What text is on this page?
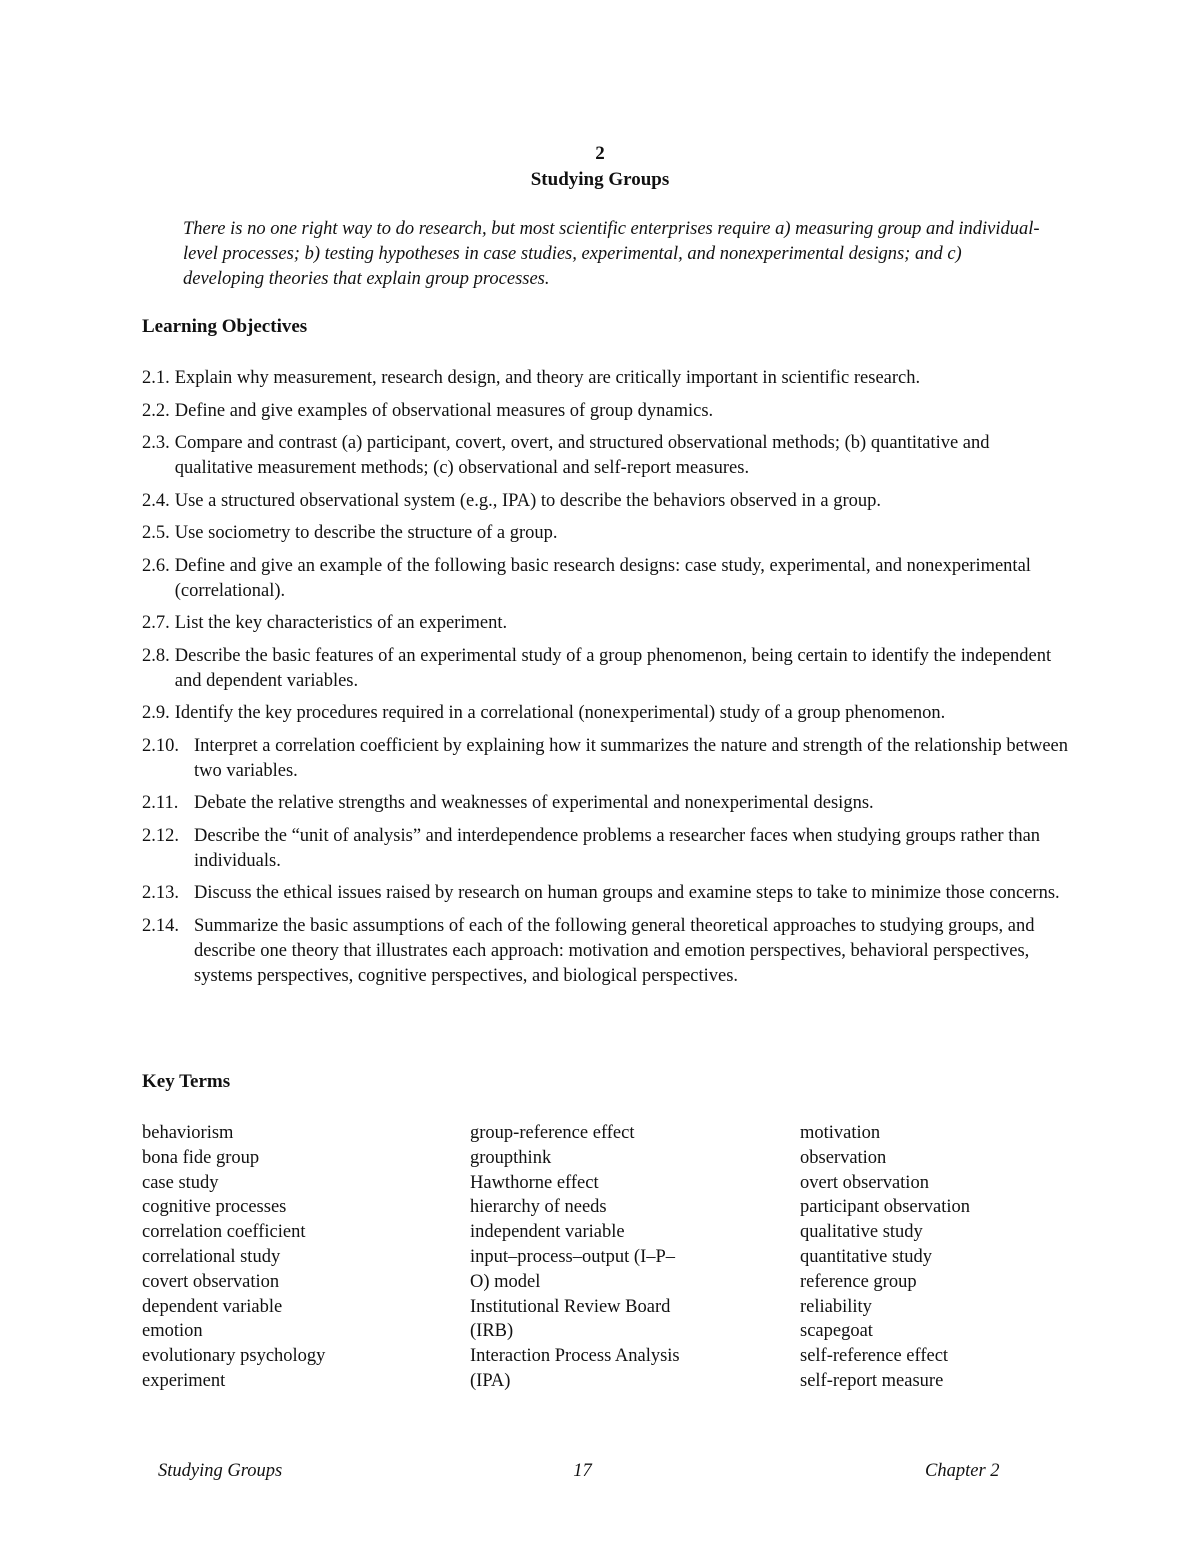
2
Studying Groups
There is no one right way to do research, but most scientific enterprises require a) measuring group and individual-level processes; b) testing hypotheses in case studies, experimental, and nonexperimental designs; and c) developing theories that explain group processes.
Learning Objectives
2.1. Explain why measurement, research design, and theory are critically important in scientific research.
2.2. Define and give examples of observational measures of group dynamics.
2.3. Compare and contrast (a) participant, covert, overt, and structured observational methods; (b) quantitative and qualitative measurement methods; (c) observational and self-report measures.
2.4. Use a structured observational system (e.g., IPA) to describe the behaviors observed in a group.
2.5. Use sociometry to describe the structure of a group.
2.6. Define and give an example of the following basic research designs: case study, experimental, and nonexperimental (correlational).
2.7. List the key characteristics of an experiment.
2.8. Describe the basic features of an experimental study of a group phenomenon, being certain to identify the independent and dependent variables.
2.9. Identify the key procedures required in a correlational (nonexperimental) study of a group phenomenon.
2.10. Interpret a correlation coefficient by explaining how it summarizes the nature and strength of the relationship between two variables.
2.11. Debate the relative strengths and weaknesses of experimental and nonexperimental designs.
2.12. Describe the “unit of analysis” and interdependence problems a researcher faces when studying groups rather than individuals.
2.13. Discuss the ethical issues raised by research on human groups and examine steps to take to minimize those concerns.
2.14. Summarize the basic assumptions of each of the following general theoretical approaches to studying groups, and describe one theory that illustrates each approach: motivation and emotion perspectives, behavioral perspectives, systems perspectives, cognitive perspectives, and biological perspectives.
Key Terms
behaviorism
bona fide group
case study
cognitive processes
correlation coefficient
correlational study
covert observation
dependent variable
emotion
evolutionary psychology
experiment
group-reference effect
groupthink
Hawthorne effect
hierarchy of needs
independent variable
input–process–output (I–P–
O) model
Institutional Review Board
(IRB)
Interaction Process Analysis
(IPA)
motivation
observation
overt observation
participant observation
qualitative study
quantitative study
reference group
reliability
scapegoat
self-reference effect
self-report measure
Studying Groups	17	Chapter 2
